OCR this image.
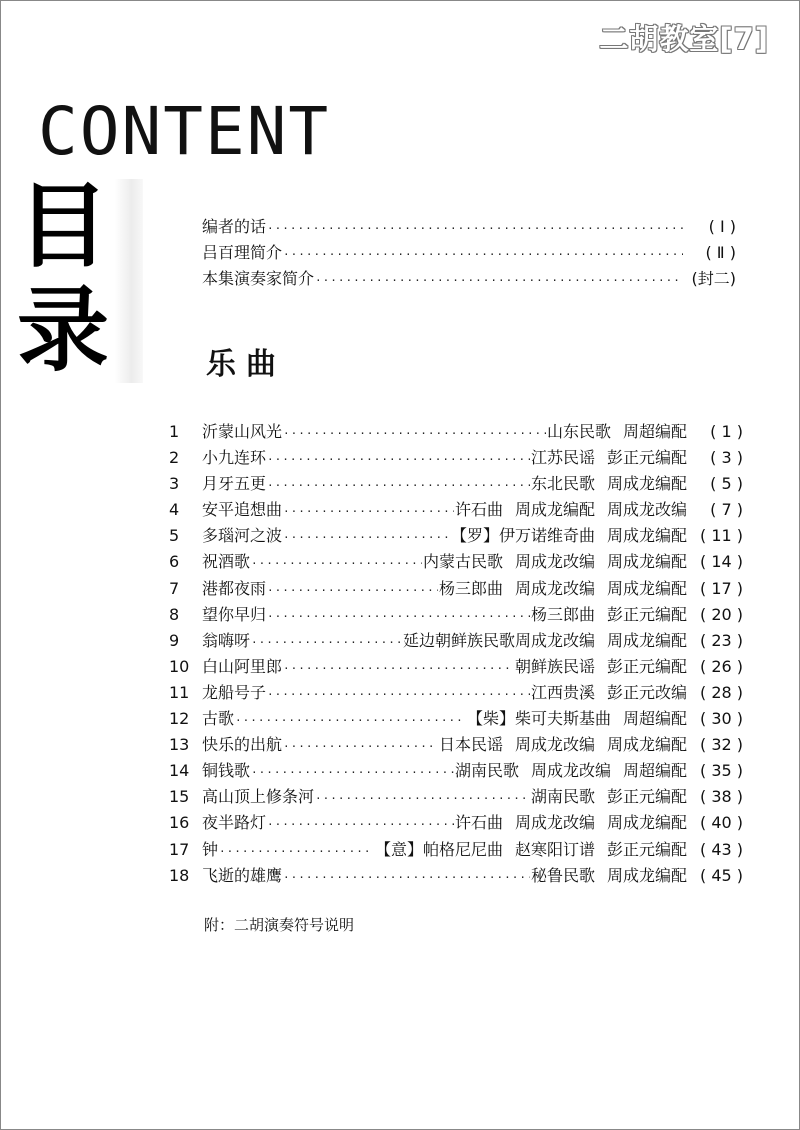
二胡教室[7]
CONTENT
目
录
编者的话 ·····	( Ⅰ )
吕百理简介 ·····	( Ⅱ )
本集演奏家简介 ·····	(封二)
乐曲
1	沂蒙山风光 ·····	山东民歌 周超编配	( 1 )
2	小九连环 ·····	江苏民谣 彭正元编配	( 3 )
3	月牙五更 ·····	东北民歌 周成龙编配	( 5 )
4	安平追想曲 ·····	许石曲 周成龙编配 周成龙改编	( 7 )
5	多瑙河之波 ·····	【罗】伊万诺维奇曲 周成龙编配 ( 11 )
6	祝酒歌 ·····	内蒙古民歌 周成龙改编 周成龙编配 ( 14 )
7	港都夜雨 ·····	杨三郎曲 周成龙改编 周成龙编配 ( 17 )
8	望你早归 ·····	杨三郎曲 彭正元编配 ( 20 )
9	翁嗨呀 ·····	延边朝鲜族民歌周成龙改编 周成龙编配 ( 23 )
10 白山阿里郎 ·····	朝鲜族民谣 彭正元编配 ( 26 )
11 龙船号子 ·····	江西贵溪 彭正元改编 ( 28 )
12 古歌 ·····	【柴】柴可夫斯基曲 周超编配 ( 30 )
13 快乐的出航 ·····	日本民谣 周成龙改编 周成龙编配 ( 32 )
14 铜钱歌 ·····	湖南民歌 周成龙改编 周超编配 ( 35 )
15 高山顶上修条河 ·····	湖南民歌 彭正元编配 ( 38 )
16 夜半路灯 ·····	许石曲 周成龙改编 周成龙编配 ( 40 )
17 钟 ·····	【意】帕格尼尼曲 赵寒阳订谱 彭正元编配 ( 43 )
18 飞逝的雄鹰 ·····	秘鲁民歌 周成龙编配 ( 45 )
附：二胡演奏符号说明
